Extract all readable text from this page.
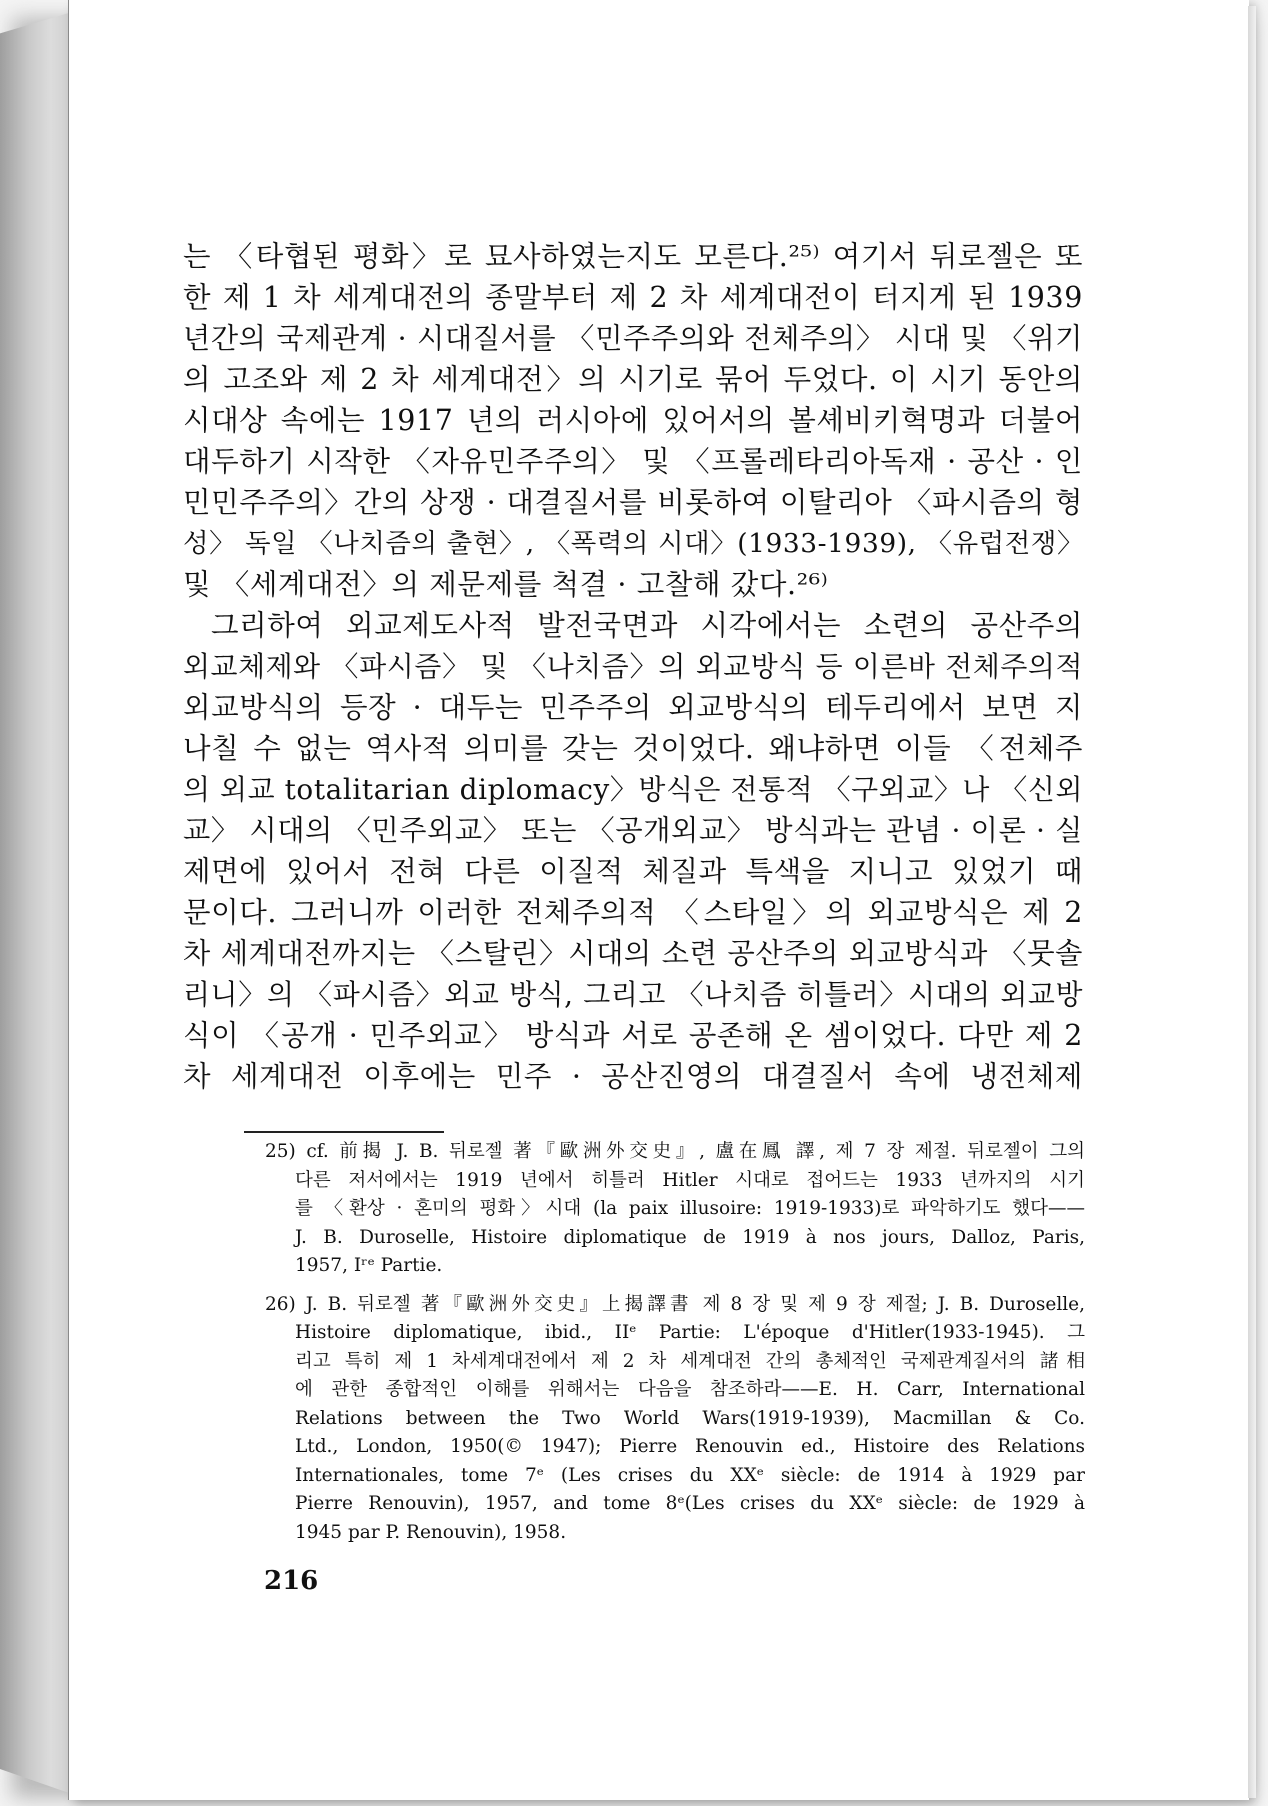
는 〈타협된 평화〉로 묘사하였는지도 모른다.²⁵⁾ 여기서 뒤로젤은 또
한 제 1 차 세계대전의 종말부터 제 2 차 세계대전이 터지게 된 1939
년간의 국제관계 · 시대질서를 〈민주주의와 전체주의〉 시대 및 〈위기
의 고조와 제 2 차 세계대전〉의 시기로 묶어 두었다. 이 시기 동안의
시대상 속에는 1917 년의 러시아에 있어서의 볼셰비키혁명과 더불어
대두하기 시작한 〈자유민주주의〉 및 〈프롤레타리아독재 · 공산 · 인
민민주주의〉간의 상쟁 · 대결질서를 비롯하여 이탈리아 〈파시즘의 형
성〉 독일 〈나치즘의 출현〉, 〈폭력의 시대〉(1933-1939), 〈유럽전쟁〉
및 〈세계대전〉의 제문제를 척결 · 고찰해 갔다.²⁶⁾
그리하여 외교제도사적 발전국면과 시각에서는 소련의 공산주의
외교체제와 〈파시즘〉 및 〈나치즘〉의 외교방식 등 이른바 전체주의적
외교방식의 등장 · 대두는 민주주의 외교방식의 테두리에서 보면 지
나칠 수 없는 역사적 의미를 갖는 것이었다. 왜냐하면 이들 〈전체주
의 외교 totalitarian diplomacy〉방식은 전통적 〈구외교〉나 〈신외
교〉 시대의 〈민주외교〉 또는 〈공개외교〉 방식과는 관념 · 이론 · 실
제면에 있어서 전혀 다른 이질적 체질과 특색을 지니고 있었기 때
문이다. 그러니까 이러한 전체주의적 〈스타일〉의 외교방식은 제 2
차 세계대전까지는 〈스탈린〉시대의 소련 공산주의 외교방식과 〈뭇솔
리니〉의 〈파시즘〉외교 방식, 그리고 〈나치즘 히틀러〉시대의 외교방
식이 〈공개 · 민주외교〉 방식과 서로 공존해 온 셈이었다. 다만 제 2
차 세계대전 이후에는 민주 · 공산진영의 대결질서 속에 냉전체제
25) cf. 前揭 J. B. 뒤로젤 著『歐洲外交史』, 盧在鳳 譯, 제 7 장 제절. 뒤로젤이 그의
다른 저서에서는 1919 년에서 히틀러 Hitler 시대로 접어드는 1933 년까지의 시기
를 〈환상 · 혼미의 평화〉시대 (la paix illusoire: 1919-1933)로 파악하기도 했다——
J. B. Duroselle, Histoire diplomatique de 1919 à nos jours, Dalloz, Paris,
1957, Iʳᵉ Partie.
26) J. B. 뒤로젤 著『歐洲外交史』上揭譯書 제 8 장 및 제 9 장 제절; J. B. Duroselle,
Histoire diplomatique, ibid., IIᵉ Partie: L'époque d'Hitler(1933-1945). 그
리고 특히 제 1 차세계대전에서 제 2 차 세계대전 간의 총체적인 국제관계질서의 諸相
에 관한 종합적인 이해를 위해서는 다음을 참조하라——E. H. Carr, International
Relations between the Two World Wars(1919-1939), Macmillan & Co.
Ltd., London, 1950(© 1947); Pierre Renouvin ed., Histoire des Relations
Internationales, tome 7ᵉ (Les crises du XXᵉ siècle: de 1914 à 1929 par
Pierre Renouvin), 1957, and tome 8ᵉ(Les crises du XXᵉ siècle: de 1929 à
1945 par P. Renouvin), 1958.
216
